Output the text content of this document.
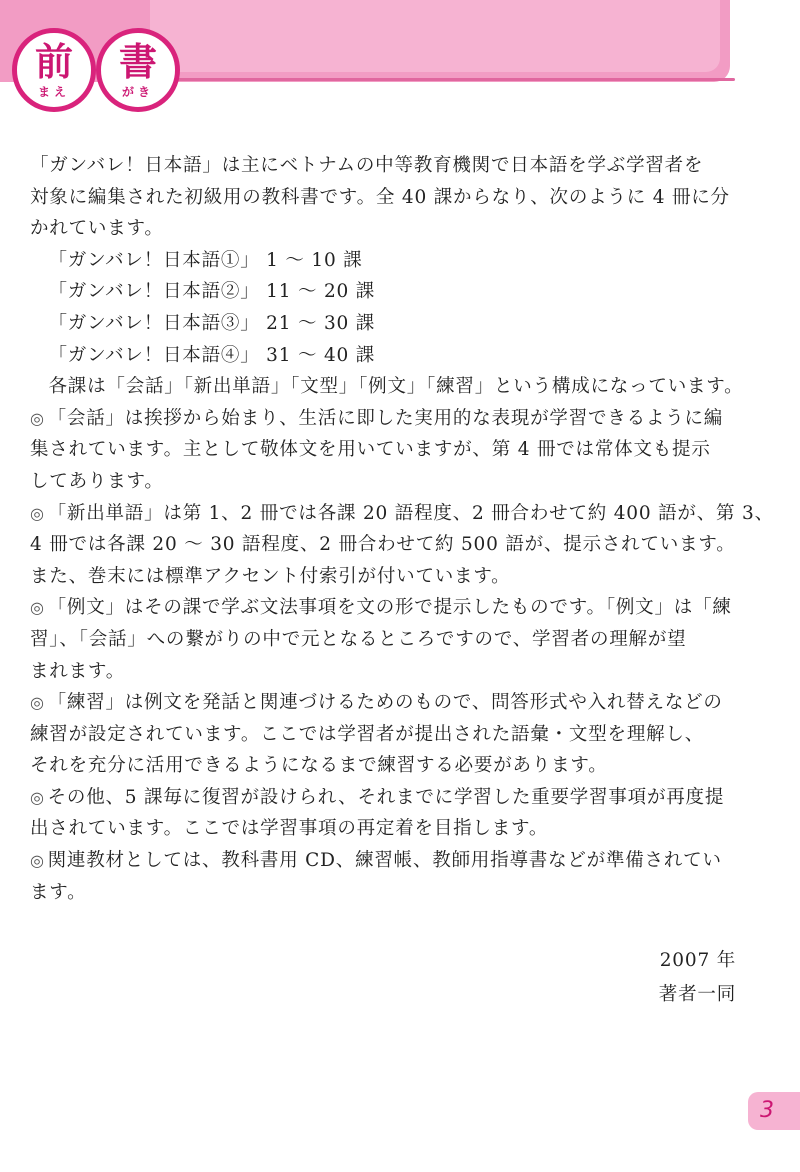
前
まえ
書
がき

「ガンバレ！日本語」は主にベトナムの中等教育機関で日本語を学ぶ学習者を

対象に編集された初級用の教科書です。全 40 課からなり、次のように 4 冊に分

かれています。

「ガンバレ！日本語①」 1 〜 10 課

「ガンバレ！日本語②」 11 〜 20 課

「ガンバレ！日本語③」 21 〜 30 課

「ガンバレ！日本語④」 31 〜 40 課

各課は「会話」「新出単語」「文型」「例文」「練習」という構成になっています。

◎ 「会話」は挨拶から始まり、生活に即した実用的な表現が学習できるように編

集されています。主として敬体文を用いていますが、第 4 冊では常体文も提示

してあります。

◎ 「新出単語」は第 1、2 冊では各課 20 語程度、2 冊合わせて約 400 語が、第 3、

4 冊では各課 20 〜 30 語程度、2 冊合わせて約 500 語が、提示されています。

また、巻末には標準アクセント付索引が付いています。

◎ 「例文」はその課で学ぶ文法事項を文の形で提示したものです。「例文」は「練

習」、「会話」への繋がりの中で元となるところですので、学習者の理解が望

まれます。

◎ 「練習」は例文を発話と関連づけるためのもので、問答形式や入れ替えなどの

練習が設定されています。ここでは学習者が提出された語彙・文型を理解し、

それを充分に活用できるようになるまで練習する必要があります。

◎ その他、5 課毎に復習が設けられ、それまでに学習した重要学習事項が再度提

出されています。ここでは学習事項の再定着を目指します。

◎ 関連教材としては、教科書用 CD、練習帳、教師用指導書などが準備されてい

ます。

2007 年

著者一同

3
